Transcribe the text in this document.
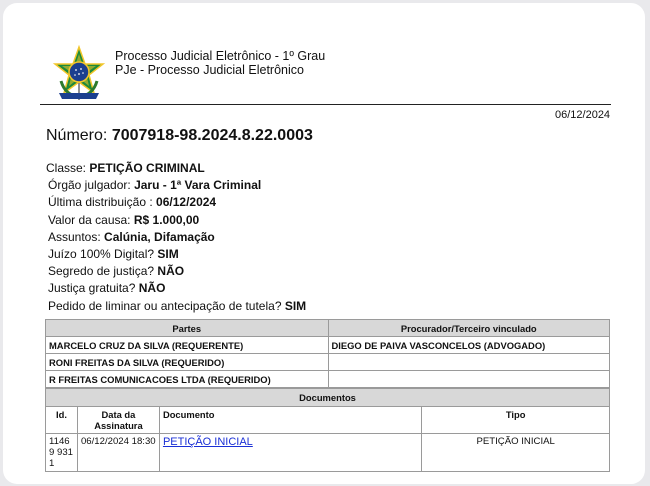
Processo Judicial Eletrônico - 1º Grau
PJe - Processo Judicial Eletrônico
06/12/2024
Número: 7007918-98.2024.8.22.0003
Classe: PETIÇÃO CRIMINAL
Órgão julgador: Jaru - 1ª Vara Criminal
Última distribuição : 06/12/2024
Valor da causa: R$ 1.000,00
Assuntos: Calúnia, Difamação
Juízo 100% Digital? SIM
Segredo de justiça? NÃO
Justiça gratuita? NÃO
Pedido de liminar ou antecipação de tutela? SIM
Partes	Procurador/Terceiro vinculado
MARCELO CRUZ DA SILVA (REQUERENTE)	DIEGO DE PAIVA VASCONCELOS (ADVOGADO)
RONI FREITAS DA SILVA (REQUERIDO)	
R FREITAS COMUNICACOES LTDA (REQUERIDO)	
Documentos			
Id.	Data da Assinatura	Documento	Tipo
11469 9311	06/12/2024 18:30	PETIÇÃO INICIAL	PETIÇÃO INICIAL
